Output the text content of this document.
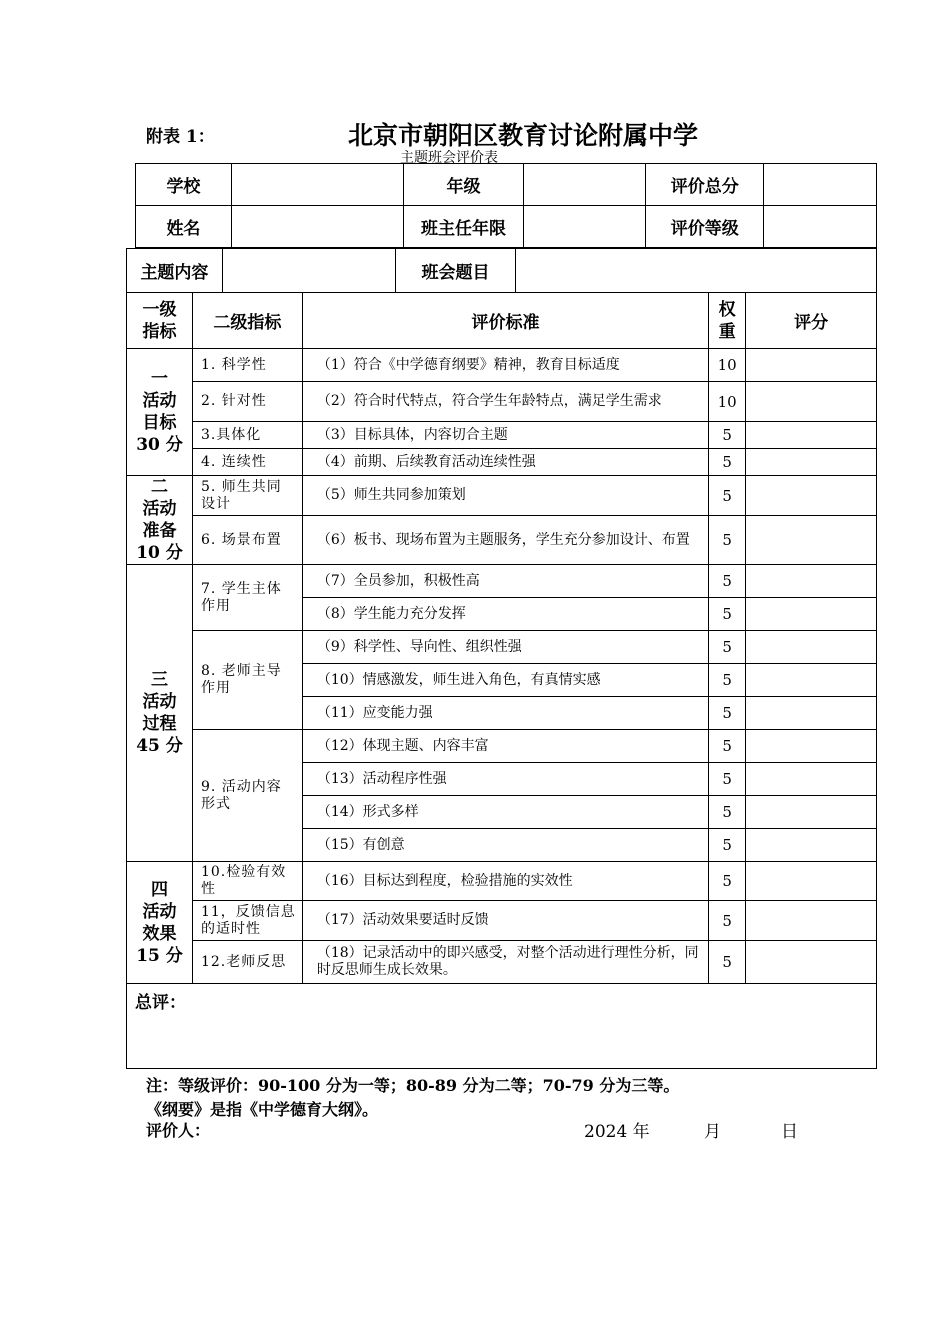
附表 1：	北京市朝阳区教育讨论附属中学
主题班会评价表
学校		年级		评价总分	
姓名		班主任年限		评价等级	
主题内容		班会题目	
一级指标	二级指标	评价标准	权重	评分
一
活动
目标
30 分	1. 科学性	（1）符合《中学德育纲要》精神，教育目标适度	10	
	2. 针对性	（2）符合时代特点，符合学生年龄特点，满足学生需求	10	
	3.具体化	（3）目标具体，内容切合主题	5	
	4. 连续性	（4）前期、后续教育活动连续性强	5	
二
活动
准备
10 分	5. 师生共同设计	（5）师生共同参加策划	5	
	6. 场景布置	（6）板书、现场布置为主题服务，学生充分参加设计、布置	5	
三
活动
过程
45 分	7. 学生主体作用	（7）全员参加，积极性高	5	
		（8）学生能力充分发挥	5	
	8. 老师主导作用	（9）科学性、导向性、组织性强	5	
		（10）情感激发，师生进入角色，有真情实感	5	
		（11）应变能力强	5	
	9. 活动内容形式	（12）体现主题、内容丰富	5	
		（13）活动程序性强	5	
		（14）形式多样	5	
		（15）有创意	5	
四
活动
效果
15 分	10.检验有效性	（16）目标达到程度，检验措施的实效性	5	
	11，反馈信息的适时性	（17）活动效果要适时反馈	5	
	12.老师反思	（18）记录活动中的即兴感受，对整个活动进行理性分析，同时反思师生成长效果。	5	
总评：				
注：等级评价：90-100 分为一等；80-89 分为二等；70-79 分为三等。
《纲要》是指《中学德育大纲》。
评价人：	2024 年	月	日
